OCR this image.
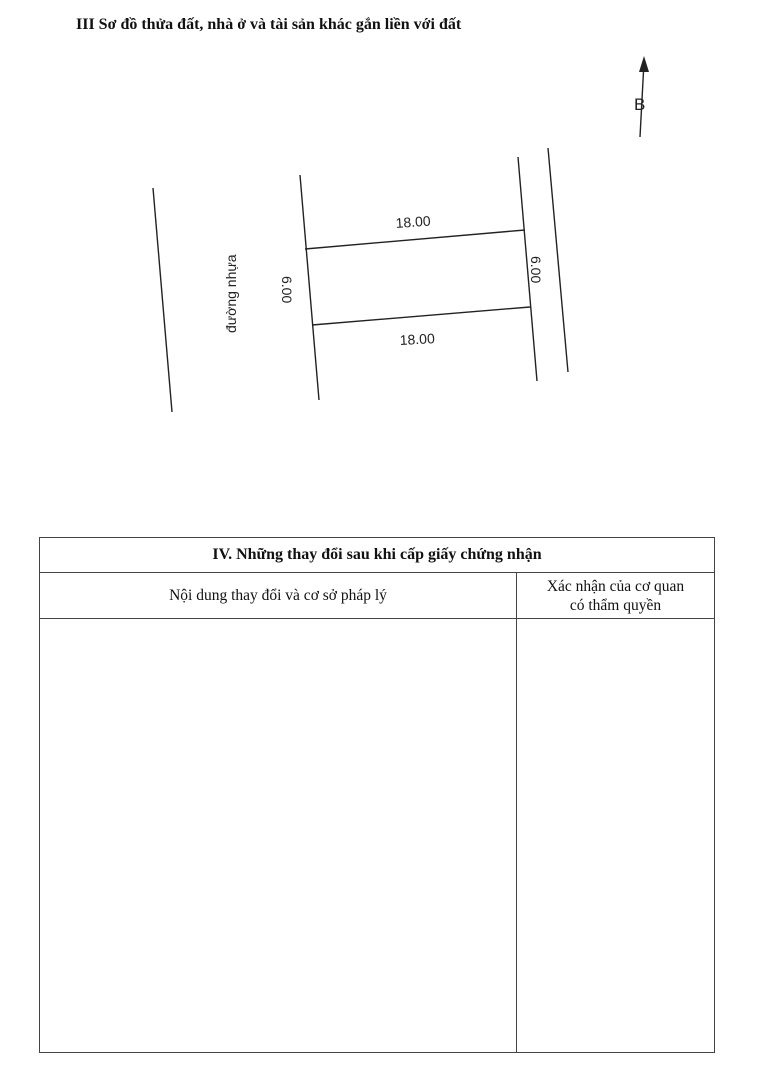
III Sơ đồ thửa đất, nhà ở và tài sản khác gắn liền với đất
B
đường nhựa
18.00
18.00
6.00
6.00
IV. Những thay đổi sau khi cấp giấy chứng nhận
Nội dung thay đổi và cơ sở pháp lý
Xác nhận của cơ quan
có thẩm quyền
